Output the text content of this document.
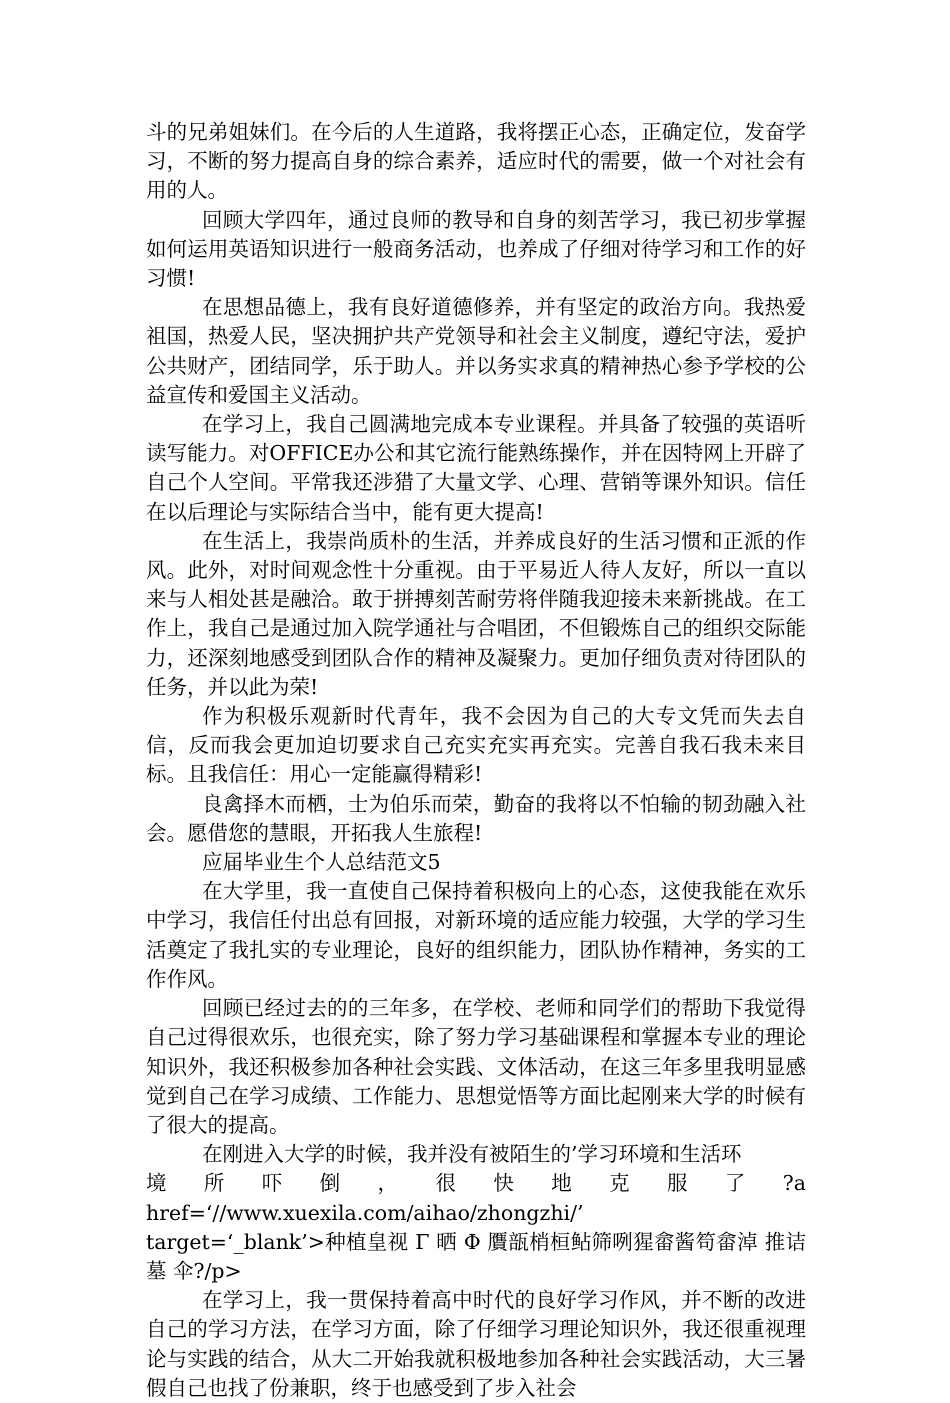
斗的兄弟姐妹们。在今后的人生道路，我将摆正心态，正确定位，发奋学习，不断的努力提高自身的综合素养，适应时代的需要，做一个对社会有用的人。

回顾大学四年，通过良师的教导和自身的刻苦学习，我已初步掌握如何运用英语知识进行一般商务活动，也养成了仔细对待学习和工作的好习惯!

在思想品德上，我有良好道德修养，并有坚定的政治方向。我热爱祖国，热爱人民，坚决拥护共产党领导和社会主义制度，遵纪守法，爱护公共财产，团结同学，乐于助人。并以务实求真的精神热心参予学校的公益宣传和爱国主义活动。

在学习上，我自己圆满地完成本专业课程。并具备了较强的英语听读写能力。对OFFICE办公和其它流行能熟练操作，并在因特网上开辟了自己个人空间。平常我还涉猎了大量文学、心理、营销等课外知识。信任在以后理论与实际结合当中，能有更大提高!

在生活上，我崇尚质朴的生活，并养成良好的生活习惯和正派的作风。此外，对时间观念性十分重视。由于平易近人待人友好，所以一直以来与人相处甚是融洽。敢于拼搏刻苦耐劳将伴随我迎接未来新挑战。在工作上，我自己是通过加入院学通社与合唱团，不但锻炼自己的组织交际能力，还深刻地感受到团队合作的精神及凝聚力。更加仔细负责对待团队的任务，并以此为荣!

作为积极乐观新时代青年，我不会因为自己的大专文凭而失去自信，反而我会更加迫切要求自己充实充实再充实。完善自我石我未来目标。且我信任：用心一定能赢得精彩!

良禽择木而栖，士为伯乐而荣，勤奋的我将以不怕输的韧劲融入社会。愿借您的慧眼，开拓我人生旅程!

应届毕业生个人总结范文5

在大学里，我一直使自己保持着积极向上的心态，这使我能在欢乐中学习，我信任付出总有回报，对新环境的适应能力较强，大学的学习生活奠定了我扎实的专业理论，良好的组织能力，团队协作精神，务实的工作作风。

回顾已经过去的的三年多，在学校、老师和同学们的帮助下我觉得自己过得很欢乐，也很充实，除了努力学习基础课程和掌握本专业的理论知识外，我还积极参加各种社会实践、文体活动，在这三年多里我明显感觉到自己在学习成绩、工作能力、思想觉悟等方面比起刚来大学的时候有了很大的提高。

在刚进入大学的时候，我并没有被陌生的’学习环境和生活环

境 所 吓 倒 ， 很 快 地 克 服 了 ?a

href=‘//www.xuexila.com/aihao/zhongzhi/’

target=‘_blank’>种植皇视 Γ 晒 Φ 贋瓿梢桓鲇筛咧猩畲酱笱畲淖 推诘墓 伞?/p>

在学习上，我一贯保持着高中时代的良好学习作风，并不断的改进自己的学习方法，在学习方面，除了仔细学习理论知识外，我还很重视理论与实践的结合，从大二开始我就积极地参加各种社会实践活动，大三暑假自己也找了份兼职，终于也感受到了步入社会
